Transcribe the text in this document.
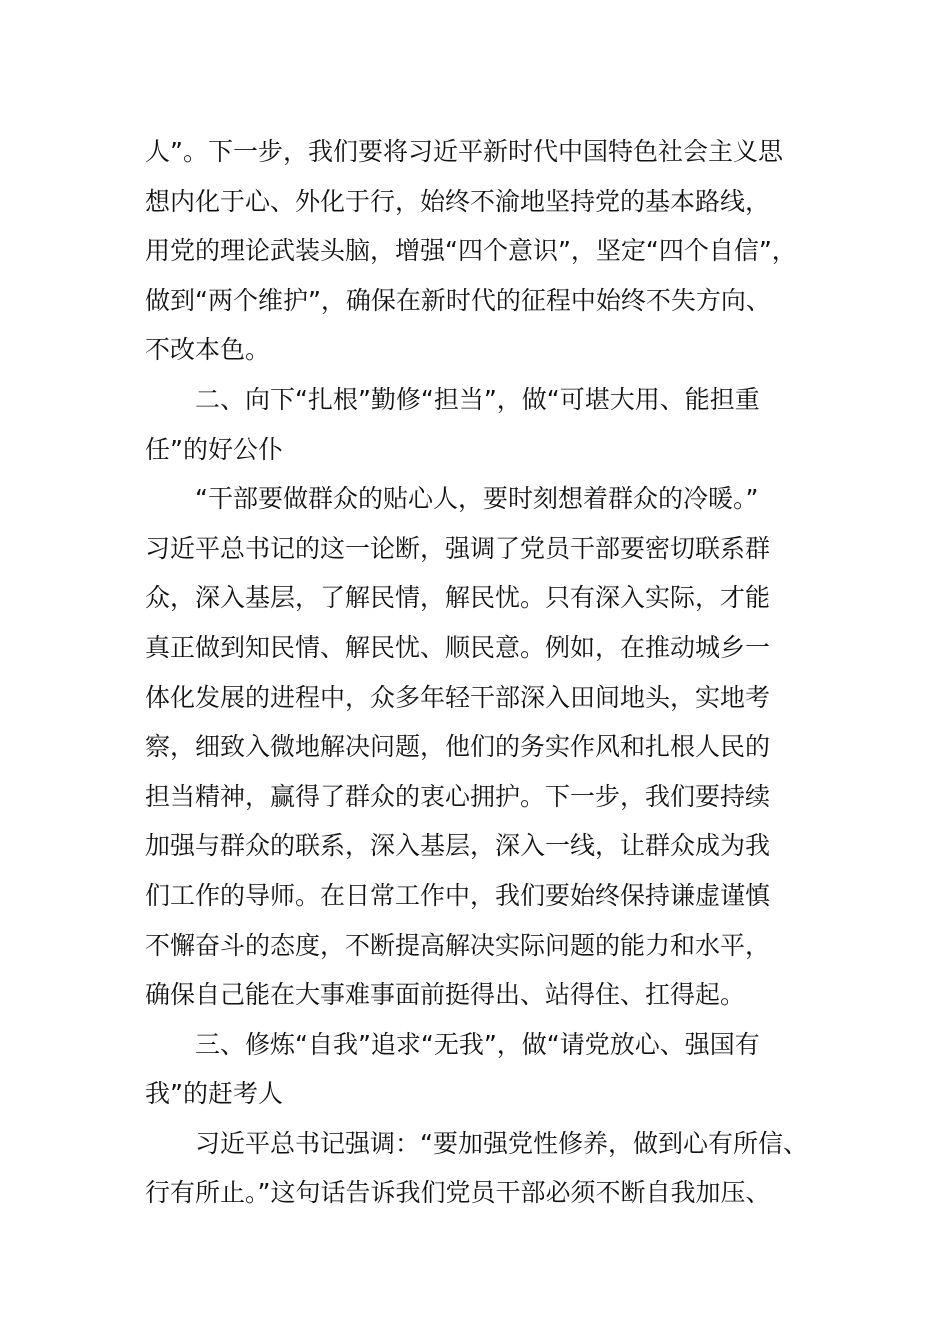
人”。下一步，我们要将习近平新时代中国特色社会主义思
想内化于心、外化于行，始终不渝地坚持党的基本路线，
用党的理论武装头脑，增强“四个意识”，坚定“四个自信”，
做到“两个维护”，确保在新时代的征程中始终不失方向、
不改本色。
二、向下“扎根”勤修“担当”，做“可堪大用、能担重
任”的好公仆
“干部要做群众的贴心人，要时刻想着群众的冷暖。”
习近平总书记的这一论断，强调了党员干部要密切联系群
众，深入基层，了解民情，解民忧。只有深入实际，才能
真正做到知民情、解民忧、顺民意。例如，在推动城乡一
体化发展的进程中，众多年轻干部深入田间地头，实地考
察，细致入微地解决问题，他们的务实作风和扎根人民的
担当精神，赢得了群众的衷心拥护。下一步，我们要持续
加强与群众的联系，深入基层，深入一线，让群众成为我
们工作的导师。在日常工作中，我们要始终保持谦虚谨慎
不懈奋斗的态度，不断提高解决实际问题的能力和水平，
确保自己能在大事难事面前挺得出、站得住、扛得起。
三、修炼“自我”追求“无我”，做“请党放心、强国有
我”的赶考人
习近平总书记强调：“要加强党性修养，做到心有所信、
行有所止。”这句话告诉我们党员干部必须不断自我加压、
